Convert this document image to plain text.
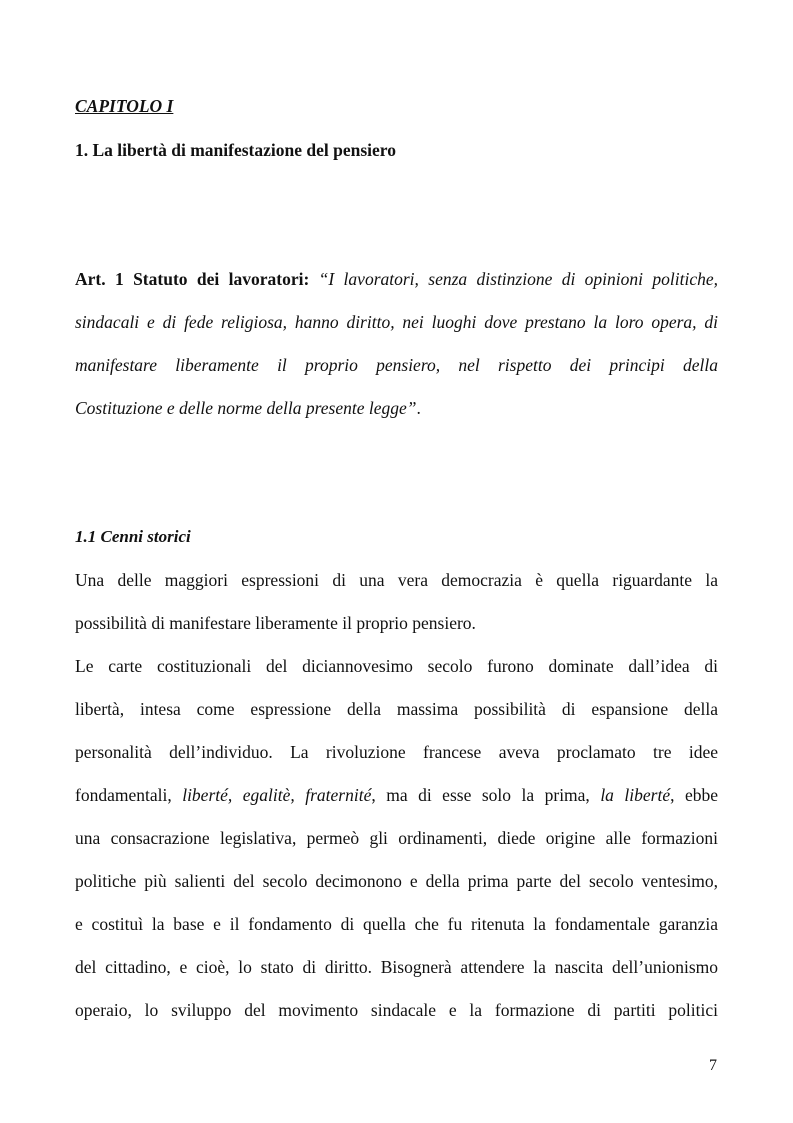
CAPITOLO I
1. La libertà di manifestazione del pensiero
Art. 1 Statuto dei lavoratori: “I lavoratori, senza distinzione di opinioni politiche,
sindacali e di fede religiosa, hanno diritto, nei luoghi dove prestano la loro opera, di
manifestare liberamente il proprio pensiero, nel rispetto dei principi della
Costituzione e delle norme della presente legge”.
1.1 Cenni storici
Una delle maggiori espressioni di una vera democrazia è quella riguardante la
possibilità di manifestare liberamente il proprio pensiero.
Le carte costituzionali del diciannovesimo secolo furono dominate dall’idea di
libertà, intesa come espressione della massima possibilità di espansione della
personalità dell’individuo. La rivoluzione francese aveva proclamato tre idee
fondamentali, liberté, egalitè, fraternité, ma di esse solo la prima, la liberté, ebbe
una consacrazione legislativa, permeò gli ordinamenti, diede origine alle formazioni
politiche più salienti del secolo decimonono e della prima parte del secolo ventesimo,
e costituì la base e il fondamento di quella che fu ritenuta la fondamentale garanzia
del cittadino, e cioè, lo stato di diritto. Bisognerà attendere la nascita dell’unionismo
operaio, lo sviluppo del movimento sindacale e la formazione di partiti politici
7
